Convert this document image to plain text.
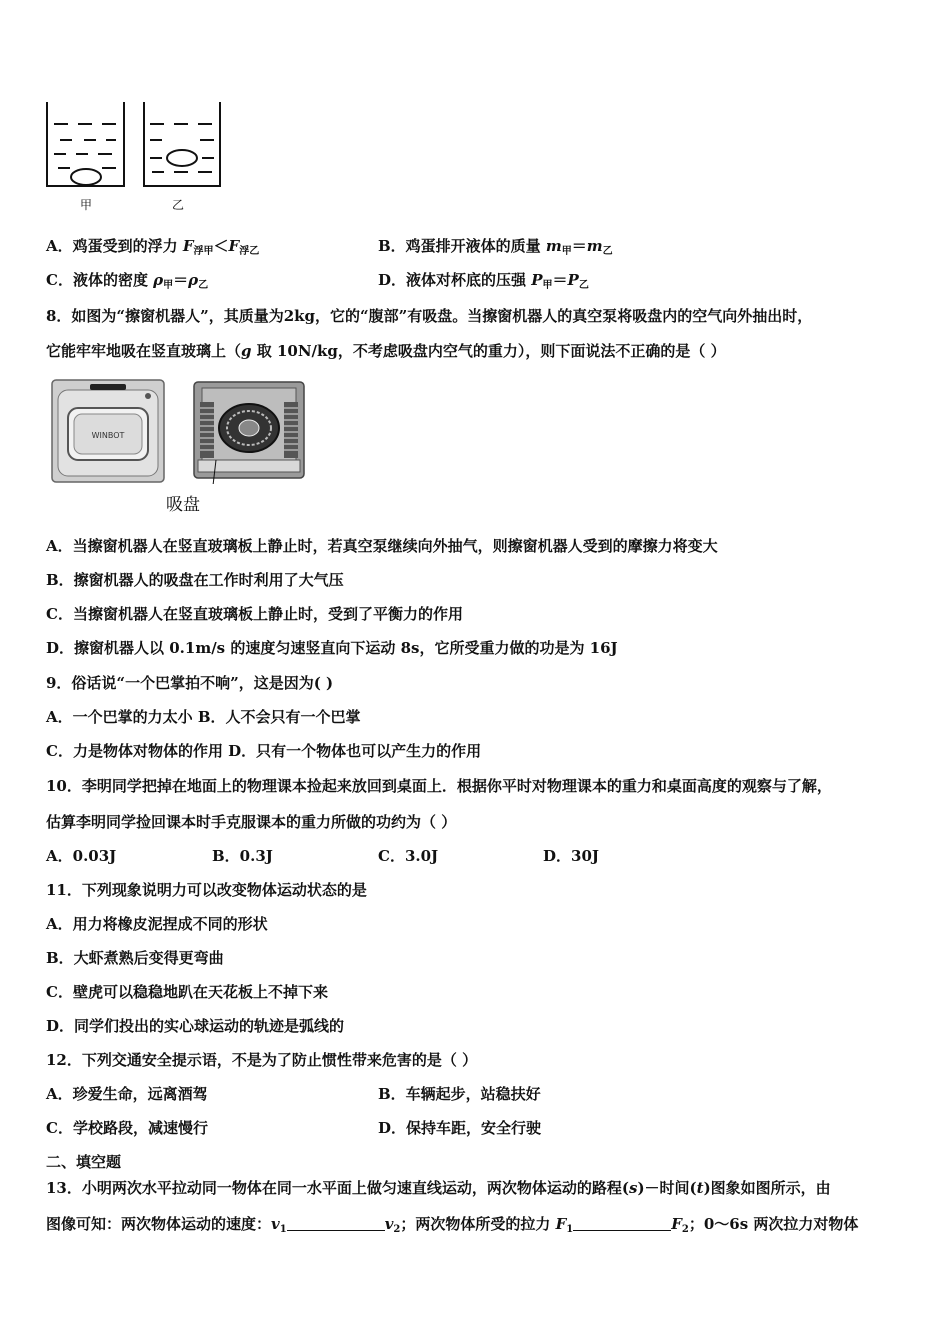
甲	乙
A．鸡蛋受到的浮力 $F_{浮甲}<F_{浮乙}$	B．鸡蛋排开液体的质量 $m_甲=m_乙$
C．液体的密度 $\rho_甲=\rho_乙$	D．液体对杯底的压强 $P_甲=P_乙$
8．如图为“擦窗机器人”，其质量为2kg，它的“腹部”有吸盘。当擦窗机器人的真空泵将吸盘内的空气向外抽出时，
它能牢牢地吸在竖直玻璃上（g 取 10N/kg，不考虑吸盘内空气的重力），则下面说法不正确的是（ ）
WINBOT
吸盘
A．当擦窗机器人在竖直玻璃板上静止时，若真空泵继续向外抽气，则擦窗机器人受到的摩擦力将变大
B．擦窗机器人的吸盘在工作时利用了大气压
C．当擦窗机器人在竖直玻璃板上静止时，受到了平衡力的作用
D．擦窗机器人以 0.1m/s 的速度匀速竖直向下运动 8s，它所受重力做的功是为 16J
9．俗话说“一个巴掌拍不响”，这是因为( )
A．一个巴掌的力太小 B．人不会只有一个巴掌
C．力是物体对物体的作用 D．只有一个物体也可以产生力的作用
10．李明同学把掉在地面上的物理课本捡起来放回到桌面上．根据你平时对物理课本的重力和桌面高度的观察与了解，
估算李明同学捡回课本时手克服课本的重力所做的功约为（ ）
A．0.03J	B．0.3J	C．3.0J	D．30J
11．下列现象说明力可以改变物体运动状态的是
A．用力将橡皮泥捏成不同的形状
B．大虾煮熟后变得更弯曲
C．壁虎可以稳稳地趴在天花板上不掉下来
D．同学们投出的实心球运动的轨迹是弧线的
12．下列交通安全提示语，不是为了防止惯性带来危害的是（ ）
A．珍爱生命，远离酒驾	B．车辆起步，站稳扶好
C．学校路段，减速慢行	D．保持车距，安全行驶
二、填空题
13．小明两次水平拉动同一物体在同一水平面上做匀速直线运动，两次物体运动的路程(s)－时间(t)图象如图所示，由
图像可知：两次物体运动的速度：$v_1$	$v_2$；两次物体所受的拉力 $F_1$	$F_2$；0～6s 两次拉力对物体
